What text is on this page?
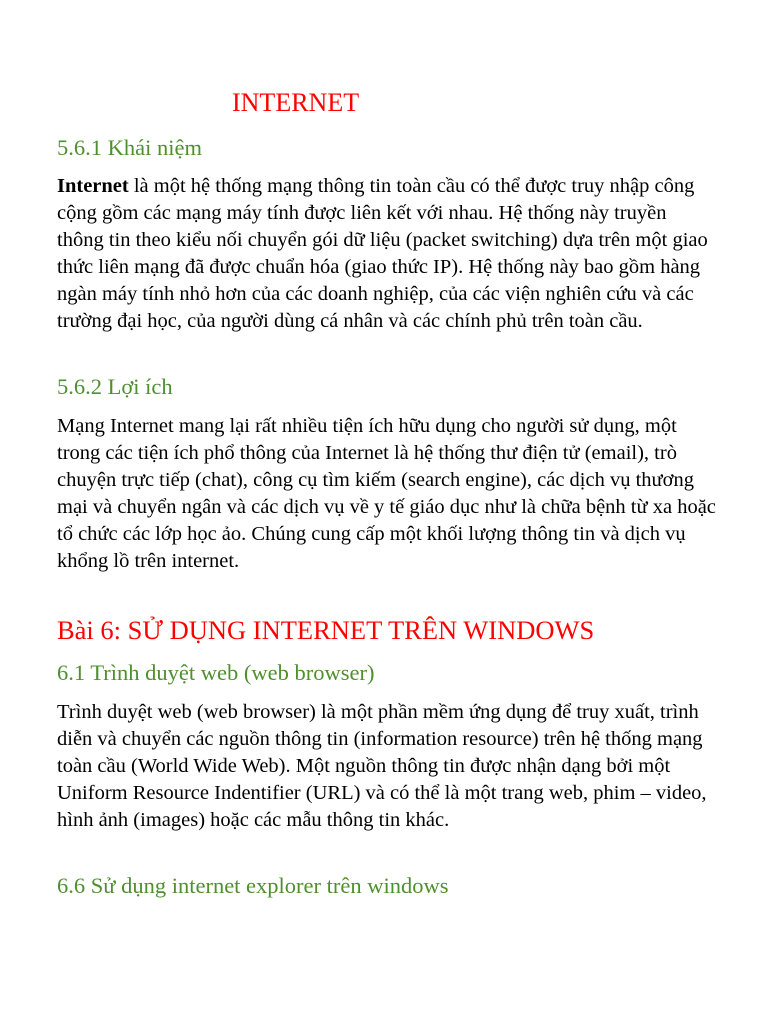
INTERNET
5.6.1 Khái niệm

Internet là một hệ thống mạng thông tin toàn cầu có thể được truy nhập công cộng gồm các mạng máy tính được liên kết với nhau. Hệ thống này truyền thông tin theo kiểu nối chuyển gói dữ liệu (packet switching) dựa trên một giao thức liên mạng đã được chuẩn hóa (giao thức IP). Hệ thống này bao gồm hàng ngàn máy tính nhỏ hơn của các doanh nghiệp, của các viện nghiên cứu và các trường đại học, của người dùng cá nhân và các chính phủ trên toàn cầu.

5.6.2 Lợi ích

Mạng Internet mang lại rất nhiều tiện ích hữu dụng cho người sử dụng, một trong các tiện ích phổ thông của Internet là hệ thống thư điện tử (email), trò chuyện trực tiếp (chat), công cụ tìm kiếm (search engine), các dịch vụ thương mại và chuyển ngân và các dịch vụ về y tế giáo dục như là chữa bệnh từ xa hoặc tổ chức các lớp học ảo. Chúng cung cấp một khối lượng thông tin và dịch vụ khổng lồ trên internet.

Bài 6: SỬ DỤNG INTERNET TRÊN WINDOWS
6.1 Trình duyệt web (web browser)

Trình duyệt web (web browser) là một phần mềm ứng dụng để truy xuất, trình diễn và chuyển các nguồn thông tin (information resource) trên hệ thống mạng toàn cầu (World Wide Web). Một nguồn thông tin được nhận dạng bởi một Uniform Resource Indentifier (URL) và có thể là một trang web, phim – video, hình ảnh (images) hoặc các mẫu thông tin khác.

6.6 Sử dụng internet explorer trên windows
